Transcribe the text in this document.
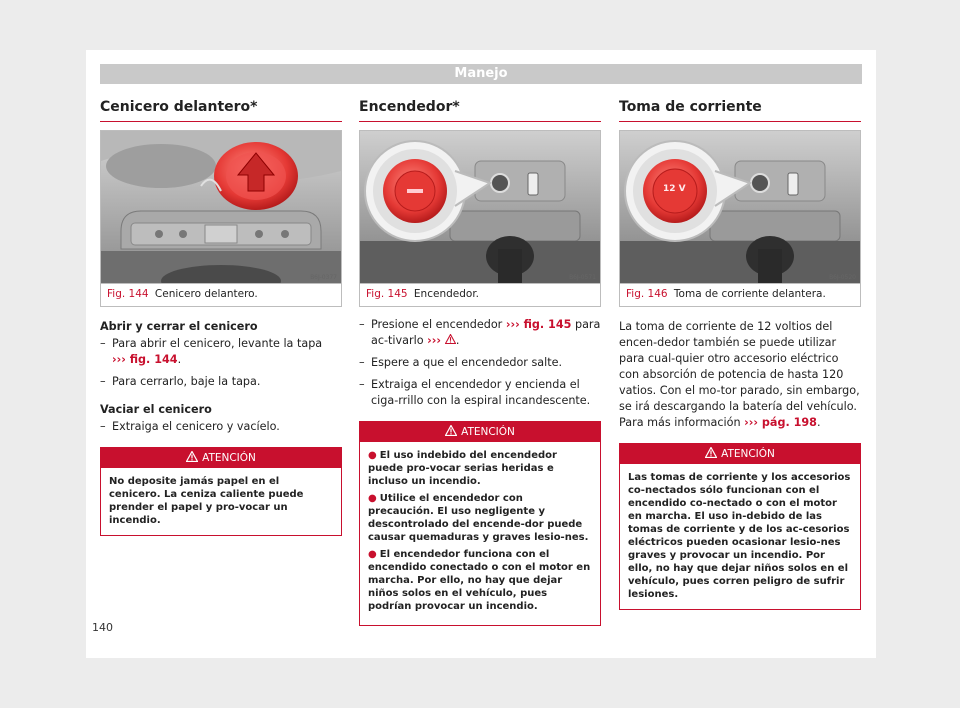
Manejo
Cenicero delantero*
B6J-0377
Fig. 144 Cenicero delantero.
Abrir y cerrar el cenicero
– Para abrir el cenicero, levante la tapa
››› fig. 144.
– Para cerrarlo, baje la tapa.
Vaciar el cenicero
– Extraiga el cenicero y vacíelo.
ATENCIÓN

No deposite jamás papel en el cenicero. La ceniza caliente puede prender el papel y pro-vocar un incendio.

Encendedor*
B6J-0571
Fig. 145 Encendedor.
– Presione el encendedor ››› fig. 145 para ac-tivarlo ››› .
– Espere a que el encendedor salte.
– Extraiga el encendedor y encienda el ciga-rrillo con la espiral incandescente.
ATENCIÓN
● El uso indebido del encendedor puede pro-vocar serias heridas e incluso un incendio.
● Utilice el encendedor con precaución. El uso negligente y descontrolado del encende-dor puede causar quemaduras y graves lesio-nes.
● El encendedor funciona con el encendido conectado o con el motor en marcha. Por ello, no hay que dejar niños solos en el vehículo, pues podrían provocar un incendio.
Toma de corriente
12 V
B6J-0520
Fig. 146 Toma de corriente delantera.
La toma de corriente de 12 voltios del encen-dedor también se puede utilizar para cual-quier otro accesorio eléctrico con absorción de potencia de hasta 120 vatios. Con el mo-tor parado, sin embargo, se irá descargando la batería del vehículo. Para más información ››› pág. 198.
ATENCIÓN

Las tomas de corriente y los accesorios co-nectados sólo funcionan con el encendido co-nectado o con el motor en marcha. El uso in-debido de las tomas de corriente y de los ac-cesorios eléctricos pueden ocasionar lesio-nes graves y provocar un incendio. Por ello, no hay que dejar niños solos en el vehículo, pues corren peligro de sufrir lesiones.

140
